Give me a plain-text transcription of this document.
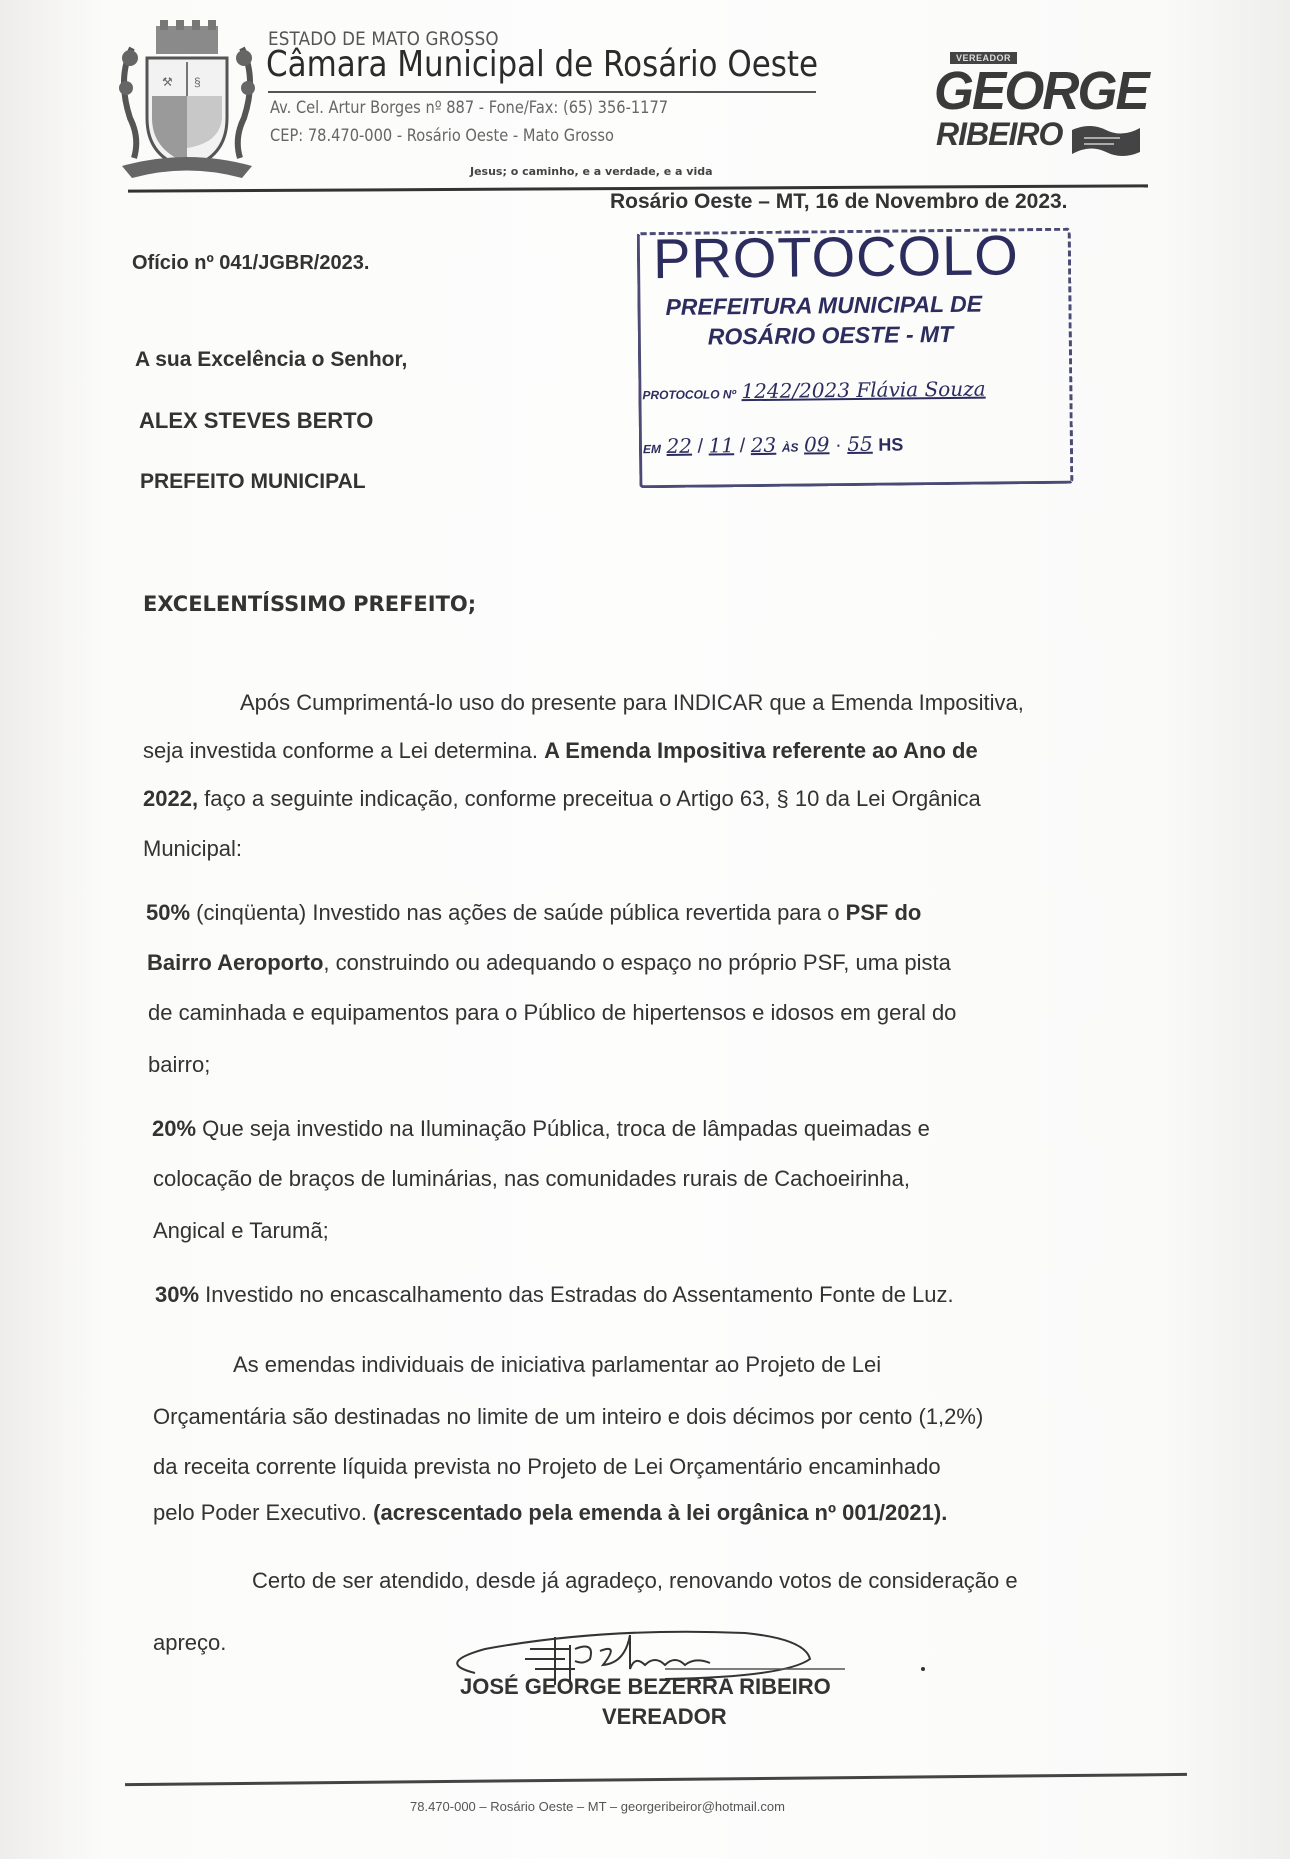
⚒ §
ESTADO DE MATO GROSSO
Câmara Municipal de Rosário Oeste
Av. Cel. Artur Borges nº 887 - Fone/Fax: (65) 356-1177
CEP: 78.470-000 - Rosário Oeste - Mato Grosso
Jesus; o caminho, e a verdade, e a vida
VEREADOR
GEORGE
RIBEIRO
Rosário Oeste – MT, 16 de Novembro de 2023.
PROTOCOLO
PREFEITURA MUNICIPAL DE
ROSÁRIO OESTE - MT
PROTOCOLO Nº 1242/2023 Flávia Souza
EM 22 / 11 / 23 ÀS 09 · 55 HS
Ofício nº 041/JGBR/2023.
A sua Excelência o Senhor,
ALEX STEVES BERTO
PREFEITO MUNICIPAL
EXCELENTÍSSIMO PREFEITO;
Após Cumprimentá-lo uso do presente para INDICAR que a Emenda Impositiva,
seja investida conforme a Lei determina. A Emenda Impositiva referente ao Ano de
2022, faço a seguinte indicação, conforme preceitua o Artigo 63, § 10 da Lei Orgânica
Municipal:
50% (cinqüenta) Investido nas ações de saúde pública revertida para o PSF do
Bairro Aeroporto, construindo ou adequando o espaço no próprio PSF, uma pista
de caminhada e equipamentos para o Público de hipertensos e idosos em geral do
bairro;
20% Que seja investido na Iluminação Pública, troca de lâmpadas queimadas e
colocação de braços de luminárias, nas comunidades rurais de Cachoeirinha,
Angical e Tarumã;
30% Investido no encascalhamento das Estradas do Assentamento Fonte de Luz.
As emendas individuais de iniciativa parlamentar ao Projeto de Lei
Orçamentária são destinadas no limite de um inteiro e dois décimos por cento (1,2%)
da receita corrente líquida prevista no Projeto de Lei Orçamentário encaminhado
pelo Poder Executivo. (acrescentado pela emenda à lei orgânica nº 001/2021).
Certo de ser atendido, desde já agradeço, renovando votos de consideração e
apreço.
JOSÉ GEORGE BEZERRA RIBEIRO
VEREADOR
78.470-000 – Rosário Oeste – MT – georgeribeiror@hotmail.com
